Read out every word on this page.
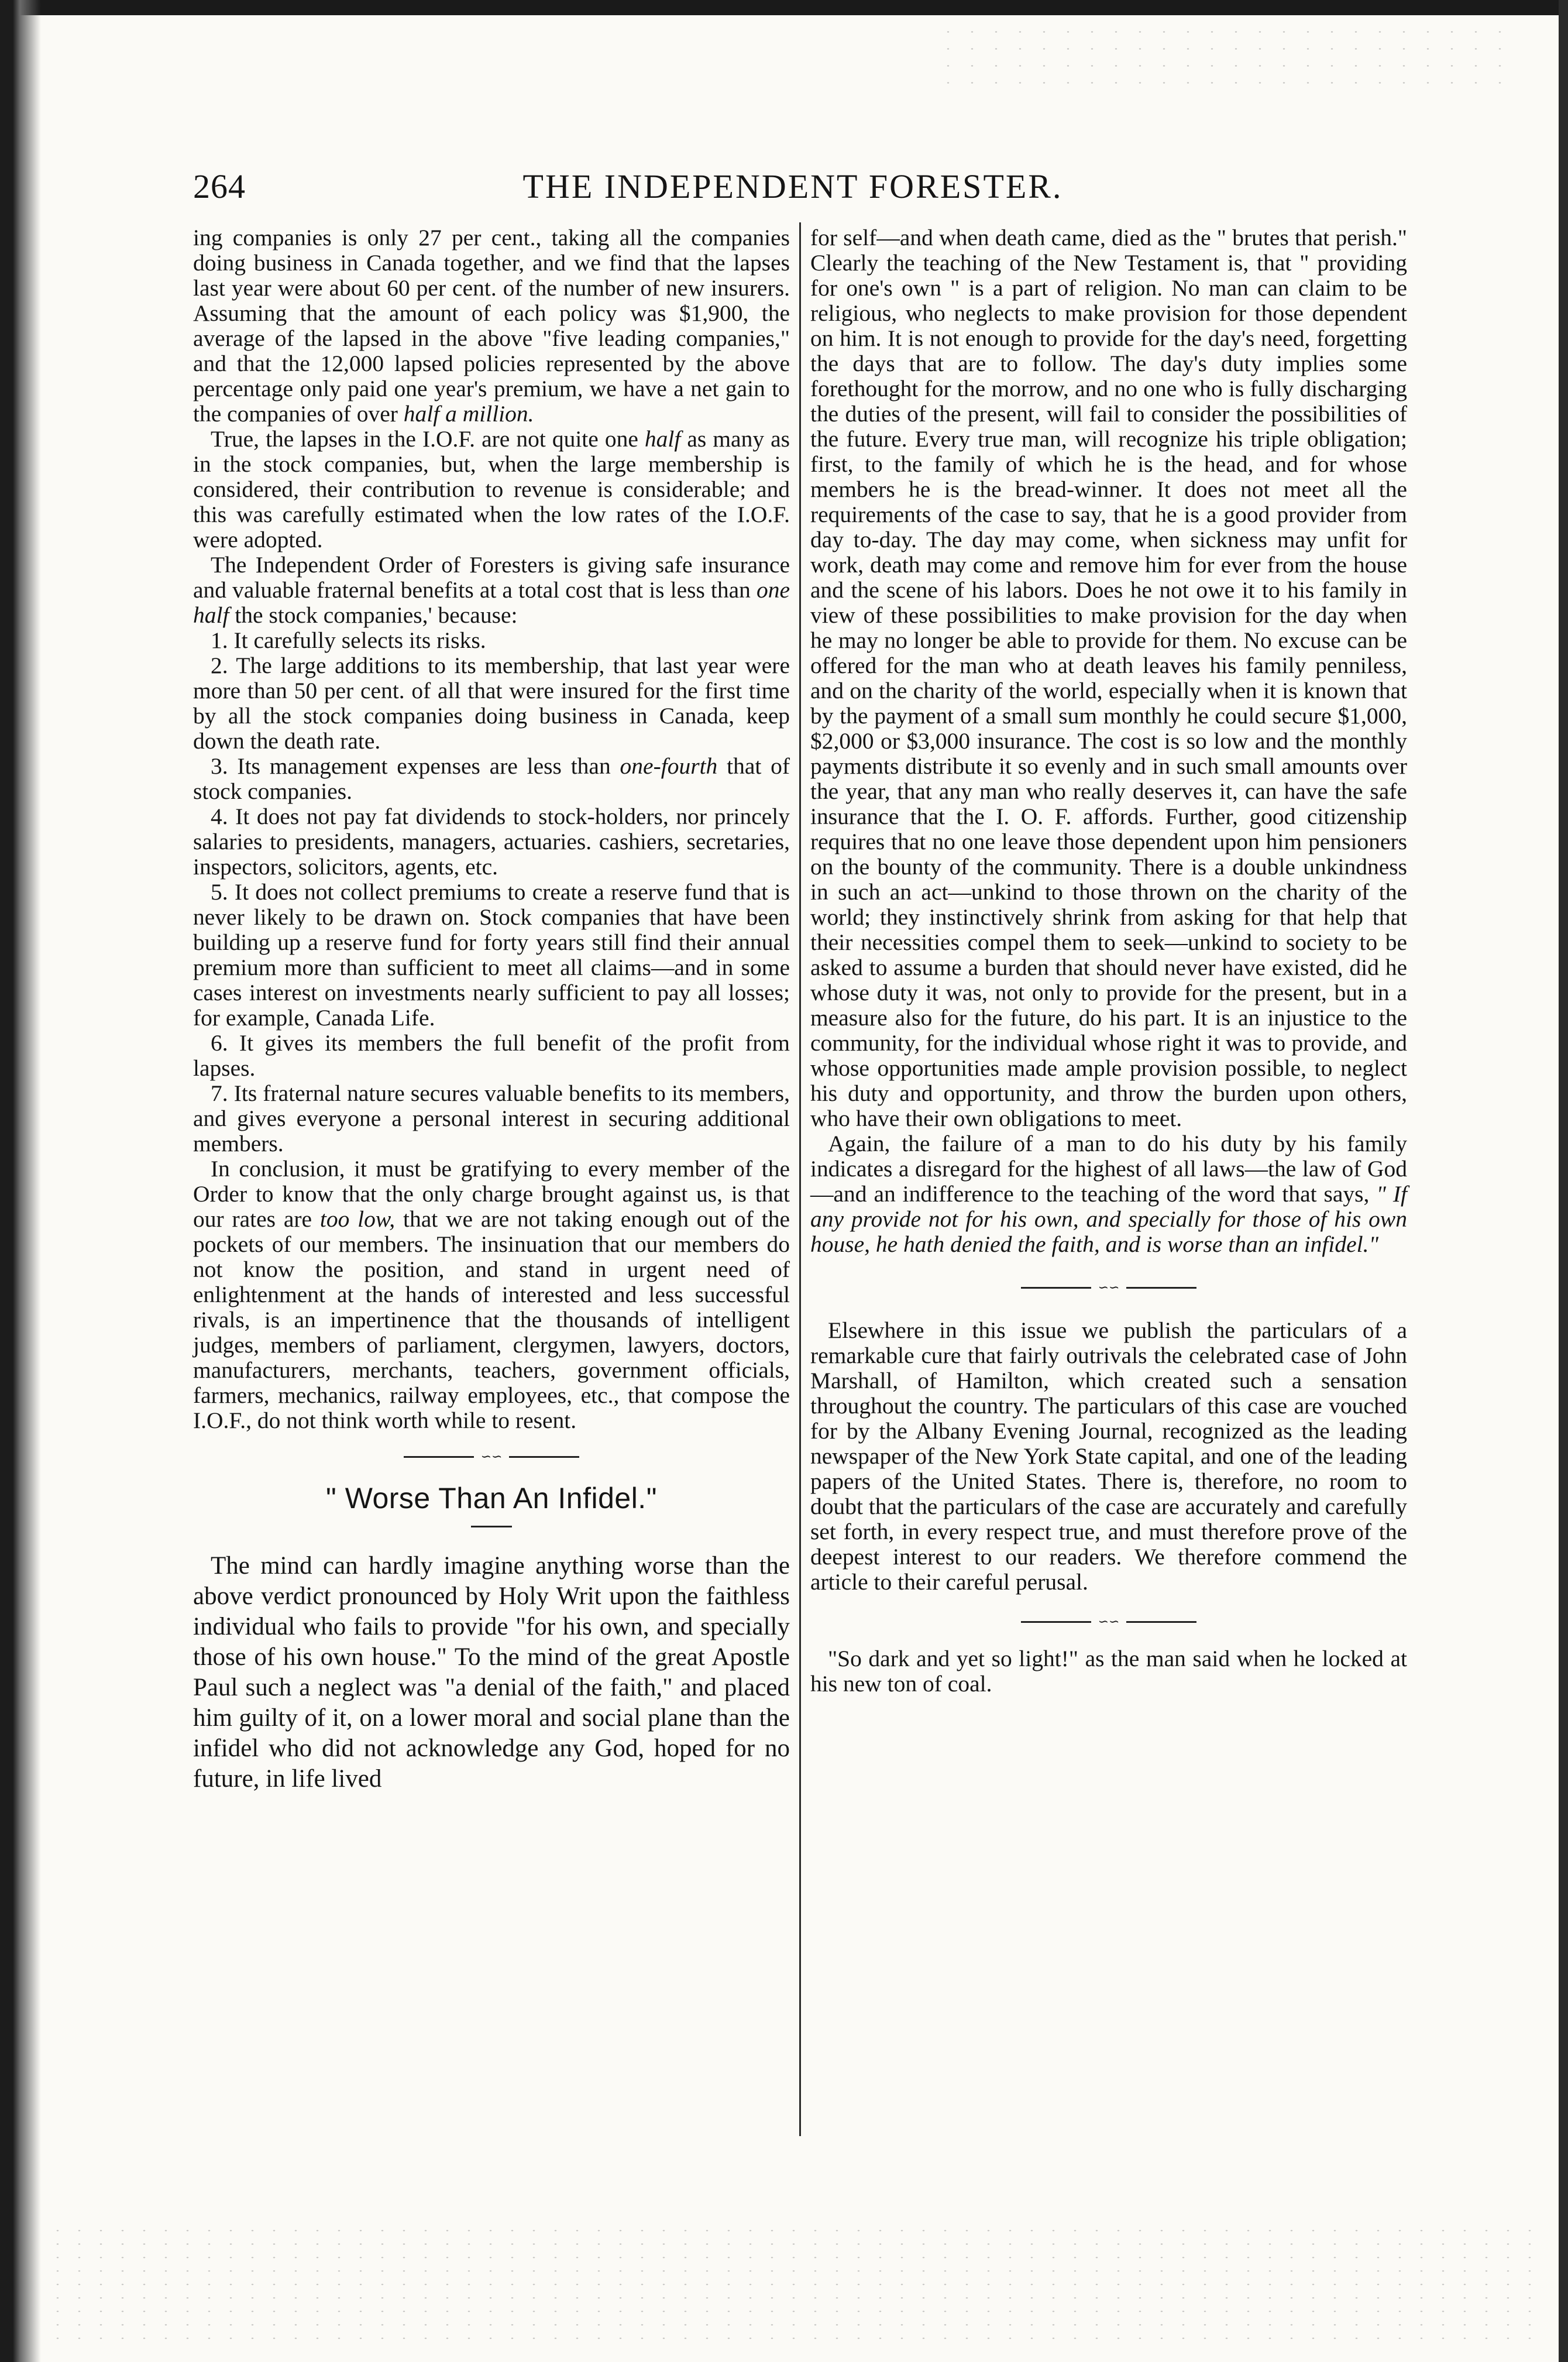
264	THE INDEPENDENT FORESTER.

ing companies is only 27 per cent., taking all the companies doing business in Canada together, and we find that the lapses last year were about 60 per cent. of the number of new insurers. Assuming that the amount of each policy was $1,900, the average of the lapsed in the above "five leading companies," and that the 12,000 lapsed policies represented by the above percentage only paid one year's premium, we have a net gain to the companies of over half a million.

True, the lapses in the I.O.F. are not quite one half as many as in the stock companies, but, when the large membership is considered, their contribution to revenue is considerable; and this was carefully estimated when the low rates of the I.O.F. were adopted.

The Independent Order of Foresters is giving safe insurance and valuable fraternal benefits at a total cost that is less than one half the stock companies,' because:

1. It carefully selects its risks.

2. The large additions to its membership, that last year were more than 50 per cent. of all that were insured for the first time by all the stock companies doing business in Canada, keep down the death rate.

3. Its management expenses are less than one-fourth that of stock companies.

4. It does not pay fat dividends to stock-holders, nor princely salaries to presidents, managers, actuaries. cashiers, secretaries, inspectors, solicitors, agents, etc.

5. It does not collect premiums to create a reserve fund that is never likely to be drawn on. Stock companies that have been building up a reserve fund for forty years still find their annual premium more than sufficient to meet all claims—and in some cases interest on investments nearly sufficient to pay all losses; for example, Canada Life.

6. It gives its members the full benefit of the profit from lapses.

7. Its fraternal nature secures valuable benefits to its members, and gives everyone a personal interest in securing additional members.

In conclusion, it must be gratifying to every member of the Order to know that the only charge brought against us, is that our rates are too low, that we are not taking enough out of the pockets of our members. The insinuation that our members do not know the position, and stand in urgent need of enlightenment at the hands of interested and less successful rivals, is an impertinence that the thousands of intelligent judges, members of parliament, clergymen, lawyers, doctors, manufacturers, merchants, teachers, government officials, farmers, mechanics, railway employees, etc., that compose the I.O.F., do not think worth while to resent.

∽∽
" Worse Than An Infidel."

The mind can hardly imagine anything worse than the above verdict pronounced by Holy Writ upon the faithless individual who fails to provide "for his own, and specially those of his own house." To the mind of the great Apostle Paul such a neglect was "a denial of the faith," and placed him guilty of it, on a lower moral and social plane than the infidel who did not acknowledge any God, hoped for no future, in life lived

for self—and when death came, died as the " brutes that perish." Clearly the teaching of the New Testament is, that " providing for one's own " is a part of religion. No man can claim to be religious, who neglects to make provision for those dependent on him. It is not enough to provide for the day's need, forgetting the days that are to follow. The day's duty implies some forethought for the morrow, and no one who is fully discharging the duties of the present, will fail to consider the possibilities of the future. Every true man, will recognize his triple obligation; first, to the family of which he is the head, and for whose members he is the bread-winner. It does not meet all the requirements of the case to say, that he is a good provider from day to-day. The day may come, when sickness may unfit for work, death may come and remove him for ever from the house and the scene of his labors. Does he not owe it to his family in view of these possibilities to make provision for the day when he may no longer be able to provide for them. No excuse can be offered for the man who at death leaves his family penniless, and on the charity of the world, especially when it is known that by the payment of a small sum monthly he could secure $1,000, $2,000 or $3,000 insurance. The cost is so low and the monthly payments distribute it so evenly and in such small amounts over the year, that any man who really deserves it, can have the safe insurance that the I. O. F. affords. Further, good citizenship requires that no one leave those dependent upon him pensioners on the bounty of the community. There is a double unkindness in such an act—unkind to those thrown on the charity of the world; they instinctively shrink from asking for that help that their necessities compel them to seek—unkind to society to be asked to assume a burden that should never have existed, did he whose duty it was, not only to provide for the present, but in a measure also for the future, do his part. It is an injustice to the community, for the individual whose right it was to provide, and whose opportunities made ample provision possible, to neglect his duty and opportunity, and throw the burden upon others, who have their own obligations to meet.

Again, the failure of a man to do his duty by his family indicates a disregard for the highest of all laws—the law of God—and an indifference to the teaching of the word that says, " If any provide not for his own, and specially for those of his own house, he hath denied the faith, and is worse than an infidel."

∽∽

Elsewhere in this issue we publish the particulars of a remarkable cure that fairly outrivals the celebrated case of John Marshall, of Hamilton, which created such a sensation throughout the country. The particulars of this case are vouched for by the Albany Evening Journal, recognized as the leading newspaper of the New York State capital, and one of the leading papers of the United States. There is, therefore, no room to doubt that the particulars of the case are accurately and carefully set forth, in every respect true, and must therefore prove of the deepest interest to our readers. We therefore commend the article to their careful perusal.

∽∽

"So dark and yet so light!" as the man said when he locked at his new ton of coal.
